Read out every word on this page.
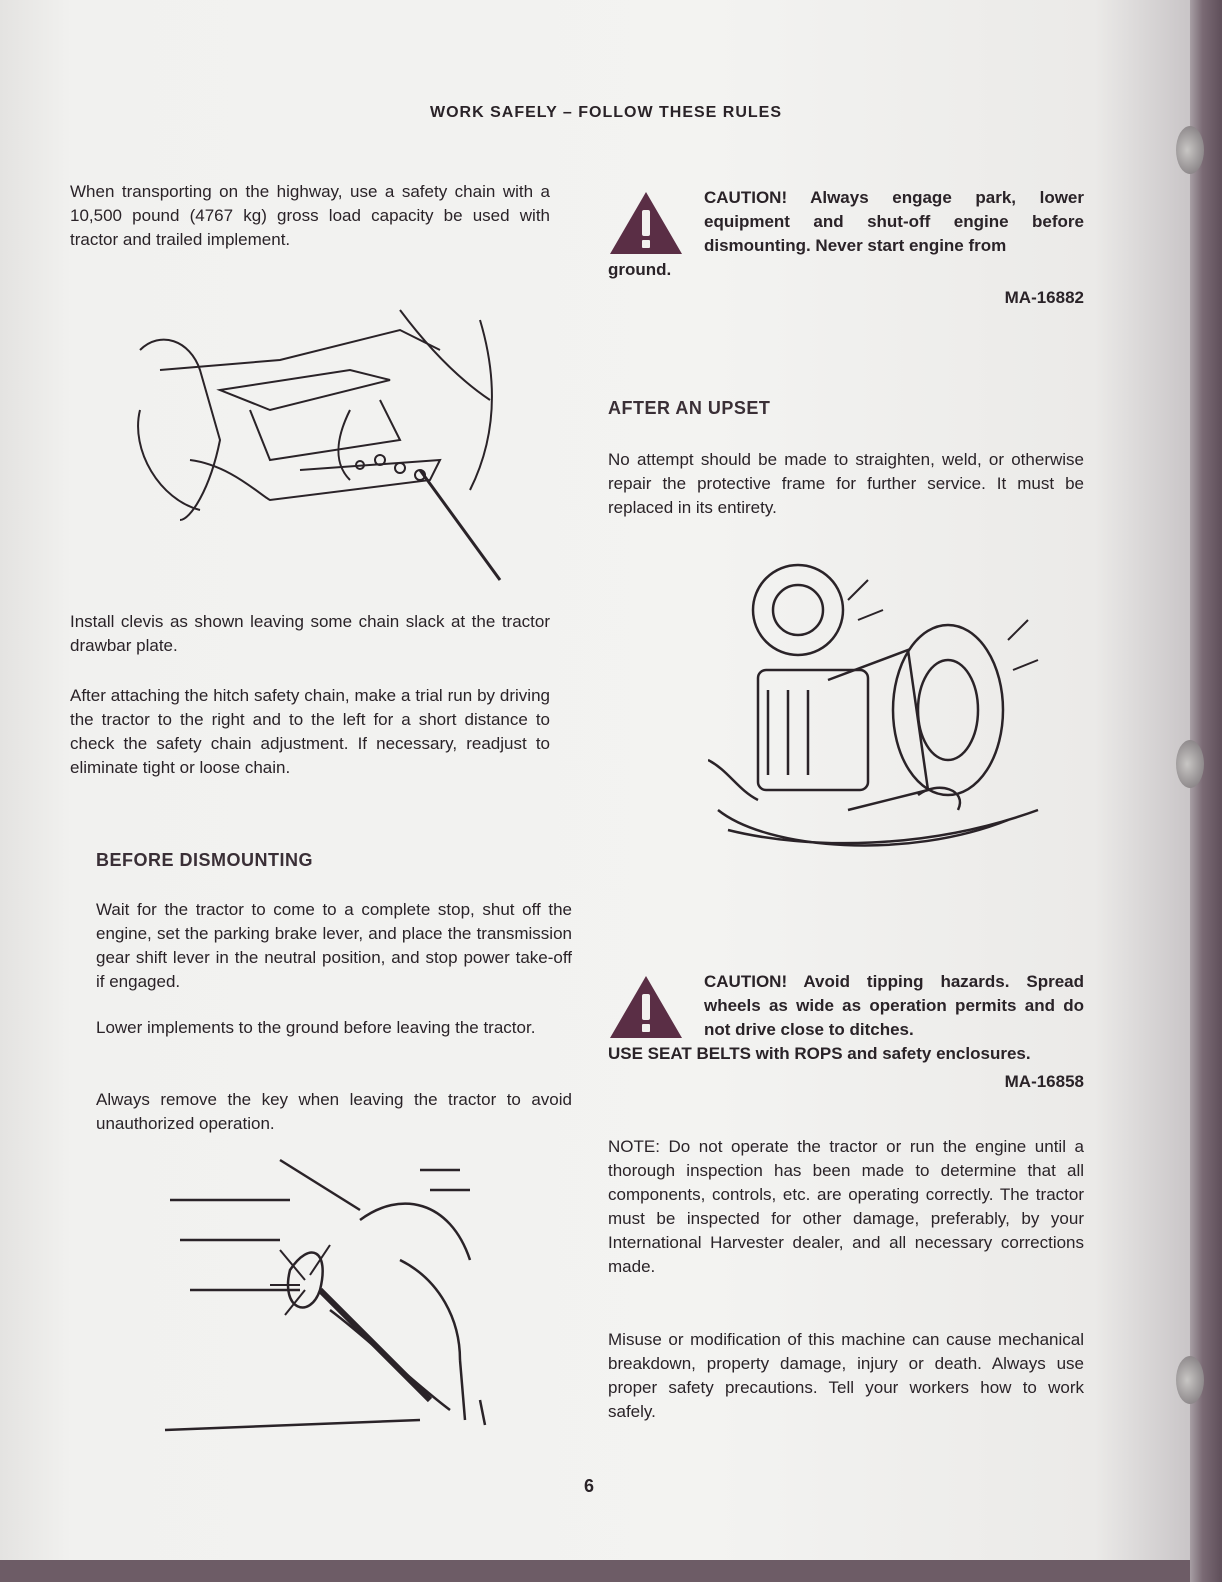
WORK SAFELY – FOLLOW THESE RULES

When transporting on the highway, use a safety chain with a 10,500 pound (4767 kg) gross load capacity be used with tractor and trailed implement.

Install clevis as shown leaving some chain slack at the tractor drawbar plate.

After attaching the hitch safety chain, make a trial run by driving the tractor to the right and to the left for a short distance to check the safety chain adjustment. If necessary, readjust to eliminate tight or loose chain.

BEFORE DISMOUNTING

Wait for the tractor to come to a complete stop, shut off the engine, set the parking brake lever, and place the transmission gear shift lever in the neutral position, and stop power take-off if engaged.

Lower implements to the ground before leaving the tractor.

Always remove the key when leaving the tractor to avoid unauthorized operation.

CAUTION! Always engage park, lower equipment and shut-off engine before dismounting. Never start engine from
ground.
MA-16882
AFTER AN UPSET

No attempt should be made to straighten, weld, or otherwise repair the protective frame for further service. It must be replaced in its entirety.

CAUTION! Avoid tipping hazards. Spread wheels as wide as operation permits and do not drive close to ditches.
USE SEAT BELTS with ROPS and safety enclosures.
MA-16858

NOTE: Do not operate the tractor or run the engine until a thorough inspection has been made to determine that all components, controls, etc. are operating correctly. The tractor must be inspected for other damage, preferably, by your International Harvester dealer, and all necessary corrections made.

Misuse or modification of this machine can cause mechanical breakdown, property damage, injury or death. Always use proper safety precautions. Tell your workers how to work safely.

6
